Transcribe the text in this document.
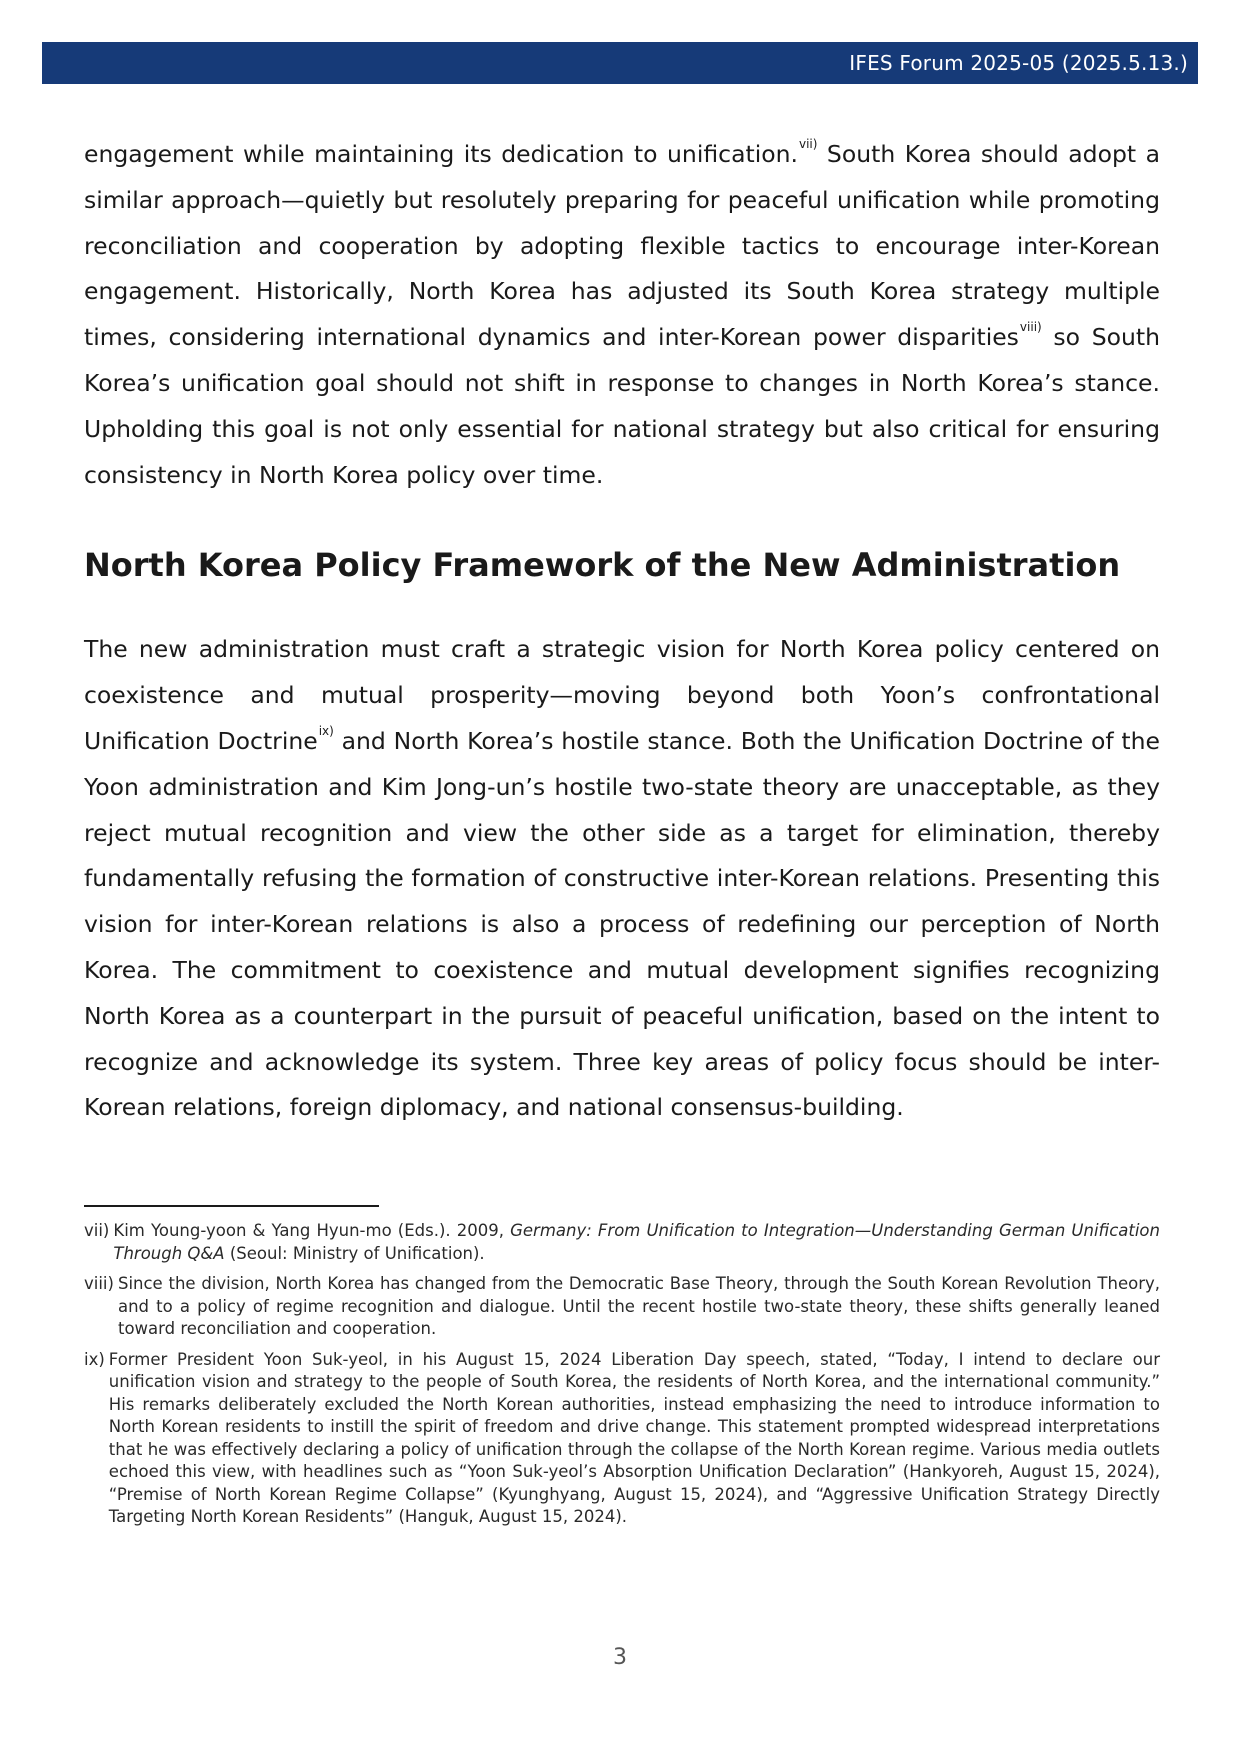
IFES Forum 2025-05 (2025.5.13.)

engagement while maintaining its dedication to unification.$^{vii)}$ South Korea should adopt a similar approach—quietly but resolutely preparing for peaceful unification while promoting reconciliation and cooperation by adopting flexible tactics to encourage inter-Korean engagement. Historically, North Korea has adjusted its South Korea strategy multiple times, considering international dynamics and inter-Korean power disparities$^{viii)}$ so South Korea’s unification goal should not shift in response to changes in North Korea’s stance. Upholding this goal is not only essential for national strategy but also critical for ensuring consistency in North Korea policy over time.

North Korea Policy Framework of the New Administration

The new administration must craft a strategic vision for North Korea policy centered on coexistence and mutual prosperity—moving beyond both Yoon’s confrontational Unification Doctrine$^{ix)}$ and North Korea’s hostile stance. Both the Unification Doctrine of the Yoon administration and Kim Jong-un’s hostile two-state theory are unacceptable, as they reject mutual recognition and view the other side as a target for elimination, thereby fundamentally refusing the formation of constructive inter-Korean relations. Presenting this vision for inter-Korean relations is also a process of redefining our perception of North Korea. The commitment to coexistence and mutual development signifies recognizing North Korea as a counterpart in the pursuit of peaceful unification, based on the intent to recognize and acknowledge its system. Three key areas of policy focus should be inter-Korean relations, foreign diplomacy, and national consensus-building.

vii) Kim Young-yoon & Yang Hyun-mo (Eds.). 2009, Germany: From Unification to Integration—Understanding German Unification Through Q&A (Seoul: Ministry of Unification).
viii) Since the division, North Korea has changed from the Democratic Base Theory, through the South Korean Revolution Theory, and to a policy of regime recognition and dialogue. Until the recent hostile two-state theory, these shifts generally leaned toward reconciliation and cooperation.
ix) Former President Yoon Suk-yeol, in his August 15, 2024 Liberation Day speech, stated, “Today, I intend to declare our unification vision and strategy to the people of South Korea, the residents of North Korea, and the international community.” His remarks deliberately excluded the North Korean authorities, instead emphasizing the need to introduce information to North Korean residents to instill the spirit of freedom and drive change. This statement prompted widespread interpretations that he was effectively declaring a policy of unification through the collapse of the North Korean regime. Various media outlets echoed this view, with headlines such as “Yoon Suk-yeol’s Absorption Unification Declaration” (Hankyoreh, August 15, 2024), “Premise of North Korean Regime Collapse” (Kyunghyang, August 15, 2024), and “Aggressive Unification Strategy Directly Targeting North Korean Residents” (Hanguk, August 15, 2024).
3
